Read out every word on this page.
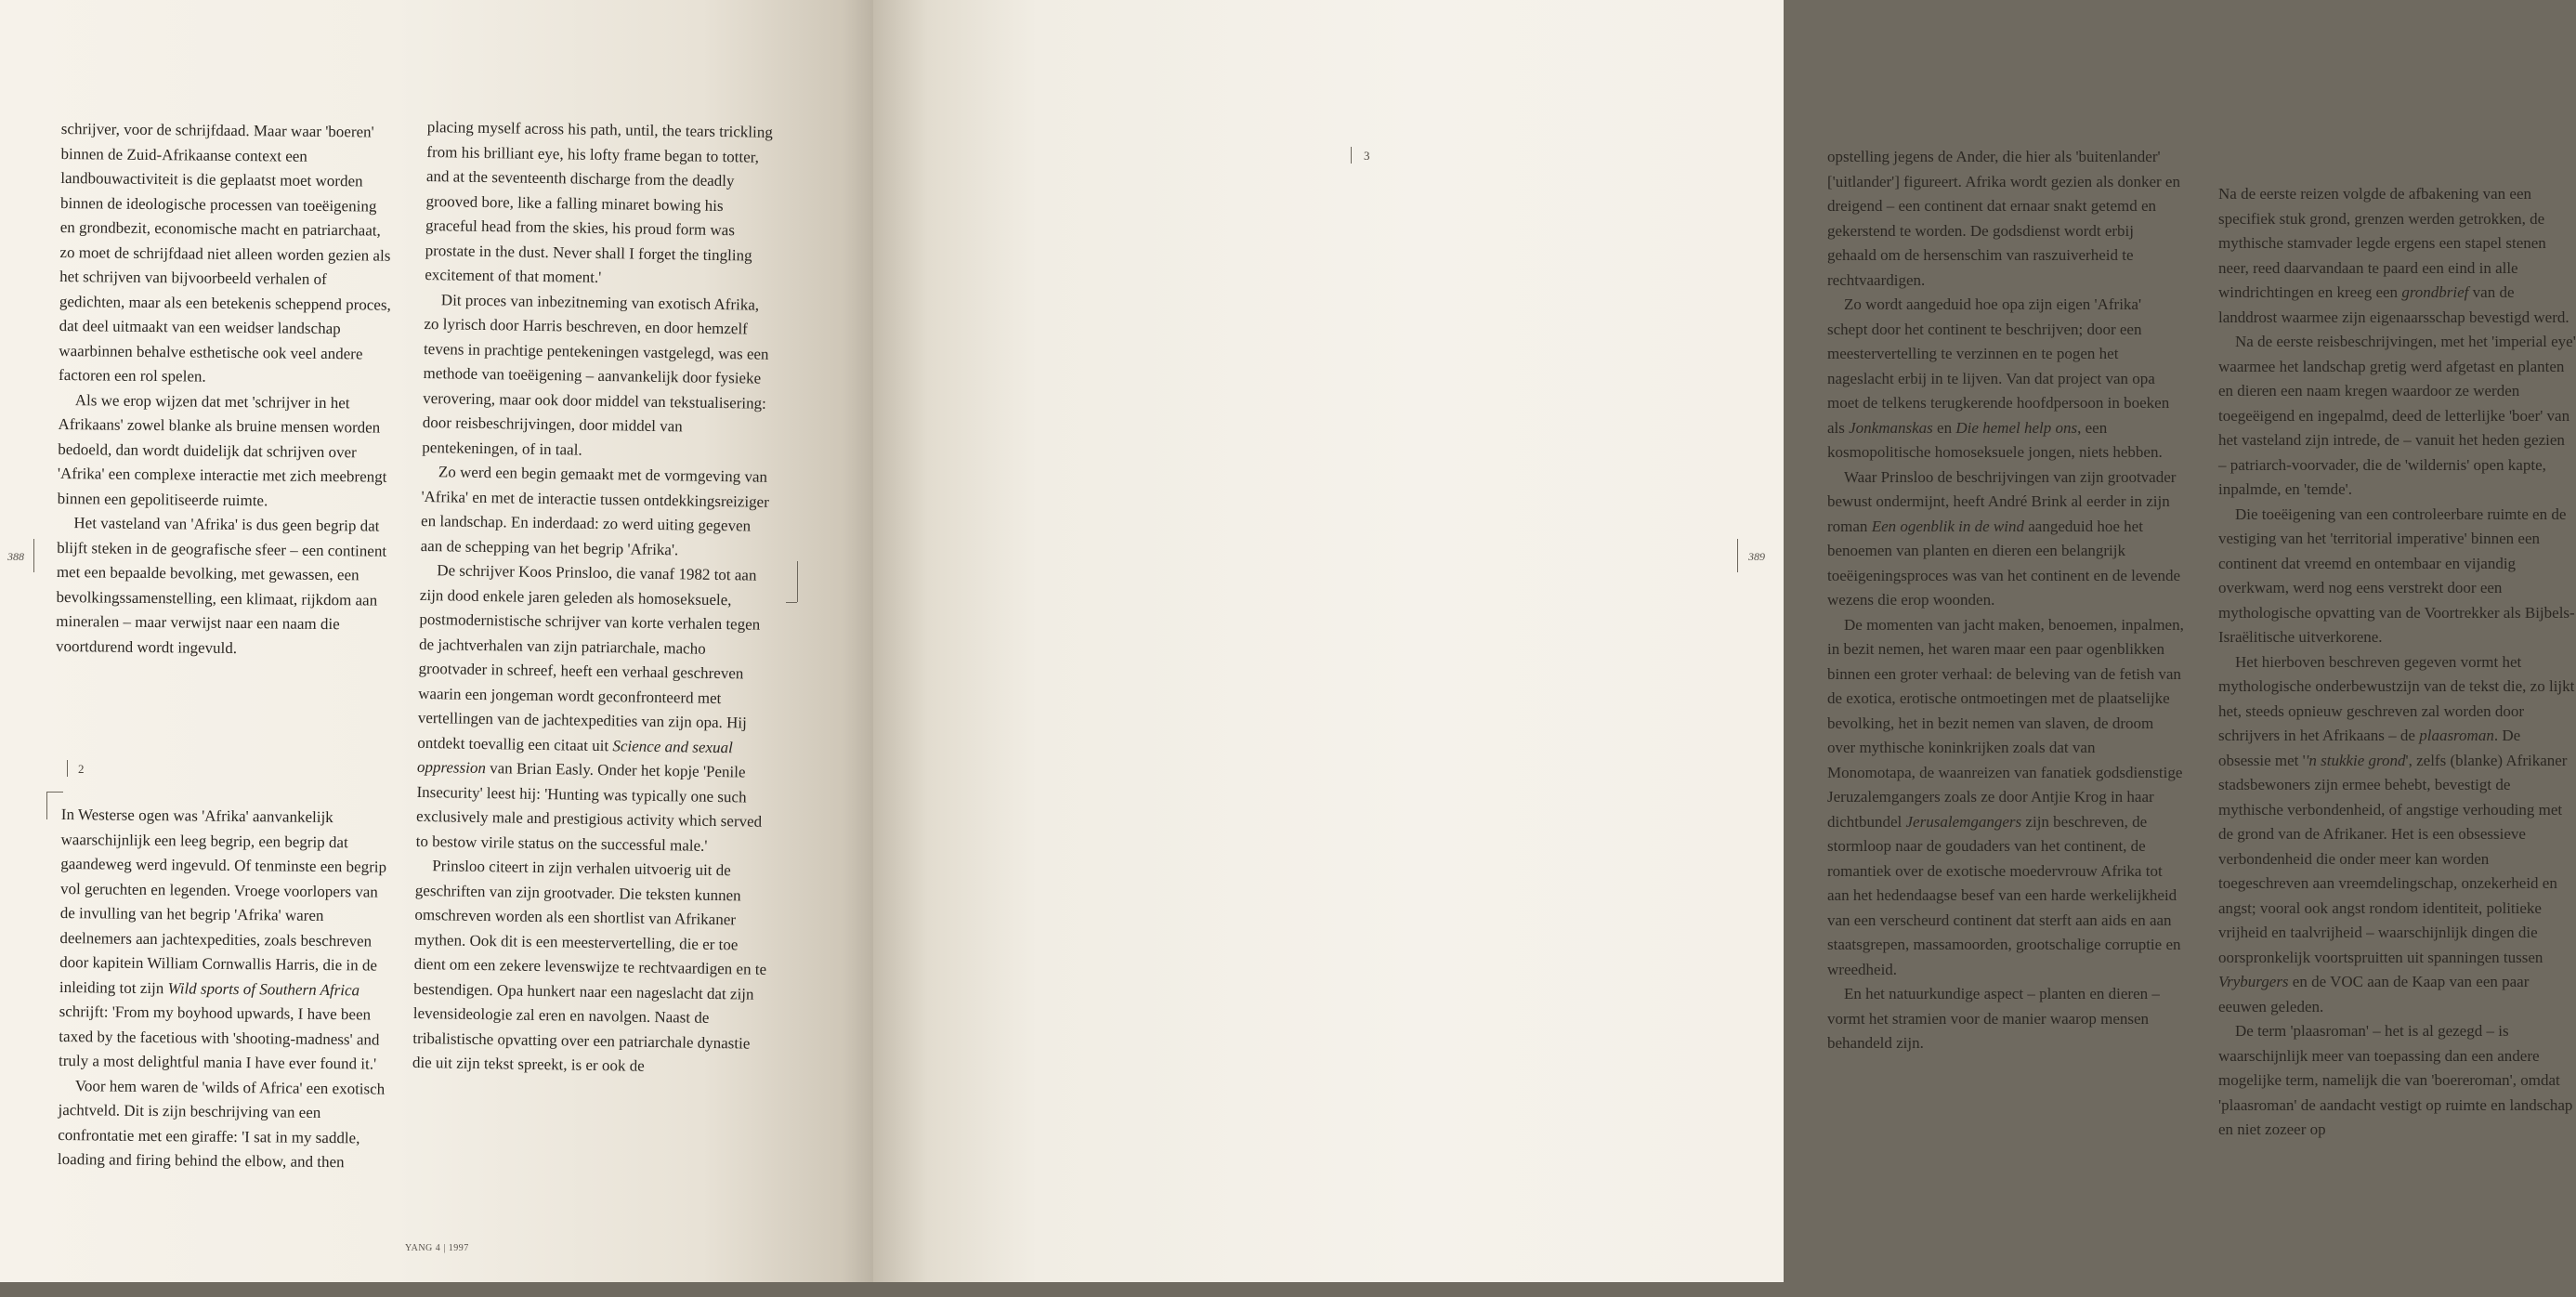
schrijver, voor de schrijfdaad. Maar waar 'boeren' binnen de Zuid-Afrikaanse context een landbouwactiviteit is die geplaatst moet worden binnen de ideologische processen van toeëigening en grondbezit, economische macht en patriarchaat, zo moet de schrijfdaad niet alleen worden gezien als het schrijven van bijvoorbeeld verhalen of gedichten, maar als een betekenis scheppend proces, dat deel uitmaakt van een weidser landschap waarbinnen behalve esthetische ook veel andere factoren een rol spelen.

Als we erop wijzen dat met 'schrijver in het Afrikaans' zowel blanke als bruine mensen worden bedoeld, dan wordt duidelijk dat schrijven over 'Afrika' een complexe interactie met zich meebrengt binnen een gepolitiseerde ruimte.

Het vasteland van 'Afrika' is dus geen begrip dat blijft steken in de geografische sfeer – een continent met een bepaalde bevolking, met gewassen, een bevolkingssamenstelling, een klimaat, rijkdom aan mineralen – maar verwijst naar een naam die voortdurend wordt ingevuld.

388
2

In Westerse ogen was 'Afrika' aanvankelijk waarschijnlijk een leeg begrip, een begrip dat gaandeweg werd ingevuld. Of tenminste een begrip vol geruchten en legenden. Vroege voorlopers van de invulling van het begrip 'Afrika' waren deelnemers aan jachtexpedities, zoals beschreven door kapitein William Cornwallis Harris, die in de inleiding tot zijn Wild sports of Southern Africa schrijft: 'From my boyhood upwards, I have been taxed by the facetious with 'shooting-madness' and truly a most delightful mania I have ever found it.'

Voor hem waren de 'wilds of Africa' een exotisch jachtveld. Dit is zijn beschrijving van een confrontatie met een giraffe: 'I sat in my saddle, loading and firing behind the elbow, and then

placing myself across his path, until, the tears trickling from his brilliant eye, his lofty frame began to totter, and at the seventeenth discharge from the deadly grooved bore, like a falling minaret bowing his graceful head from the skies, his proud form was prostate in the dust. Never shall I forget the tingling excitement of that moment.'

Dit proces van inbezitneming van exotisch Afrika, zo lyrisch door Harris beschreven, en door hemzelf tevens in prachtige pentekeningen vastgelegd, was een methode van toeëigening – aanvankelijk door fysieke verovering, maar ook door middel van tekstualisering: door reisbeschrijvingen, door middel van pentekeningen, of in taal.

Zo werd een begin gemaakt met de vormgeving van 'Afrika' en met de interactie tussen ontdekkingsreiziger en landschap. En inderdaad: zo werd uiting gegeven aan de schepping van het begrip 'Afrika'.

De schrijver Koos Prinsloo, die vanaf 1982 tot aan zijn dood enkele jaren geleden als homoseksuele, postmodernistische schrijver van korte verhalen tegen de jachtverhalen van zijn patriarchale, macho grootvader in schreef, heeft een verhaal geschreven waarin een jongeman wordt geconfronteerd met vertellingen van de jachtexpedities van zijn opa. Hij ontdekt toevallig een citaat uit Science and sexual oppression van Brian Easly. Onder het kopje 'Penile Insecurity' leest hij: 'Hunting was typically one such exclusively male and prestigious activity which served to bestow virile status on the successful male.'

Prinsloo citeert in zijn verhalen uitvoerig uit de geschriften van zijn grootvader. Die teksten kunnen omschreven worden als een shortlist van Afrikaner mythen. Ook dit is een meestervertelling, die er toe dient om een zekere levenswijze te rechtvaardigen en te bestendigen. Opa hunkert naar een nageslacht dat zijn levensideologie zal eren en navolgen. Naast de tribalistische opvatting over een patriarchale dynastie die uit zijn tekst spreekt, is er ook de

YANG 4 | 1997

opstelling jegens de Ander, die hier als 'buitenlander' ['uitlander'] figureert. Afrika wordt gezien als donker en dreigend – een continent dat ernaar snakt getemd en gekerstend te worden. De godsdienst wordt erbij gehaald om de hersenschim van raszuiverheid te rechtvaardigen.

Zo wordt aangeduid hoe opa zijn eigen 'Afrika' schept door het continent te beschrijven; door een meestervertelling te verzinnen en te pogen het nageslacht erbij in te lijven. Van dat project van opa moet de telkens terugkerende hoofdpersoon in boeken als Jonkmanskas en Die hemel help ons, een kosmopolitische homoseksuele jongen, niets hebben.

Waar Prinsloo de beschrijvingen van zijn grootvader bewust ondermijnt, heeft André Brink al eerder in zijn roman Een ogenblik in de wind aangeduid hoe het benoemen van planten en dieren een belangrijk toeëigeningsproces was van het continent en de levende wezens die erop woonden.

De momenten van jacht maken, benoemen, inpalmen, in bezit nemen, het waren maar een paar ogenblikken binnen een groter verhaal: de beleving van de fetish van de exotica, erotische ontmoetingen met de plaatselijke bevolking, het in bezit nemen van slaven, de droom over mythische koninkrijken zoals dat van Monomotapa, de waanreizen van fanatiek godsdienstige Jeruzalemgangers zoals ze door Antjie Krog in haar dichtbundel Jerusalemgangers zijn beschreven, de stormloop naar de goudaders van het continent, de romantiek over de exotische moedervrouw Afrika tot aan het hedendaagse besef van een harde werkelijkheid van een verscheurd continent dat sterft aan aids en aan staatsgrepen, massamoorden, grootschalige corruptie en wreedheid.

En het natuurkundige aspect – planten en dieren – vormt het stramien voor de manier waarop mensen behandeld zijn.

3

Na de eerste reizen volgde de afbakening van een specifiek stuk grond, grenzen werden getrokken, de mythische stamvader legde ergens een stapel stenen neer, reed daarvandaan te paard een eind in alle windrichtingen en kreeg een grondbrief van de landdrost waarmee zijn eigenaarsschap bevestigd werd.

Na de eerste reisbeschrijvingen, met het 'imperial eye' waarmee het landschap gretig werd afgetast en planten en dieren een naam kregen waardoor ze werden toegeëigend en ingepalmd, deed de letterlijke 'boer' van het vasteland zijn intrede, de – vanuit het heden gezien – patriarch-voorvader, die de 'wildernis' open kapte, inpalmde, en 'temde'.

Die toeëigening van een controleerbare ruimte en de vestiging van het 'territorial imperative' binnen een continent dat vreemd en ontembaar en vijandig overkwam, werd nog eens verstrekt door een mythologische opvatting van de Voortrekker als Bijbels-Israëlitische uitverkorene.

Het hierboven beschreven gegeven vormt het mythologische onderbewustzijn van de tekst die, zo lijkt het, steeds opnieuw geschreven zal worden door schrijvers in het Afrikaans – de plaasroman. De obsessie met ''n stukkie grond', zelfs (blanke) Afrikaner stadsbewoners zijn ermee behebt, bevestigt de mythische verbondenheid, of angstige verhouding met de grond van de Afrikaner. Het is een obsessieve verbondenheid die onder meer kan worden toegeschreven aan vreemdelingschap, onzekerheid en angst; vooral ook angst rondom identiteit, politieke vrijheid en taalvrijheid – waarschijnlijk dingen die oorspronkelijk voortspruitten uit spanningen tussen Vryburgers en de VOC aan de Kaap van een paar eeuwen geleden.

De term 'plaasroman' – het is al gezegd – is waarschijnlijk meer van toepassing dan een andere mogelijke term, namelijk die van 'boereroman', omdat 'plaasroman' de aandacht vestigt op ruimte en landschap en niet zozeer op

389
